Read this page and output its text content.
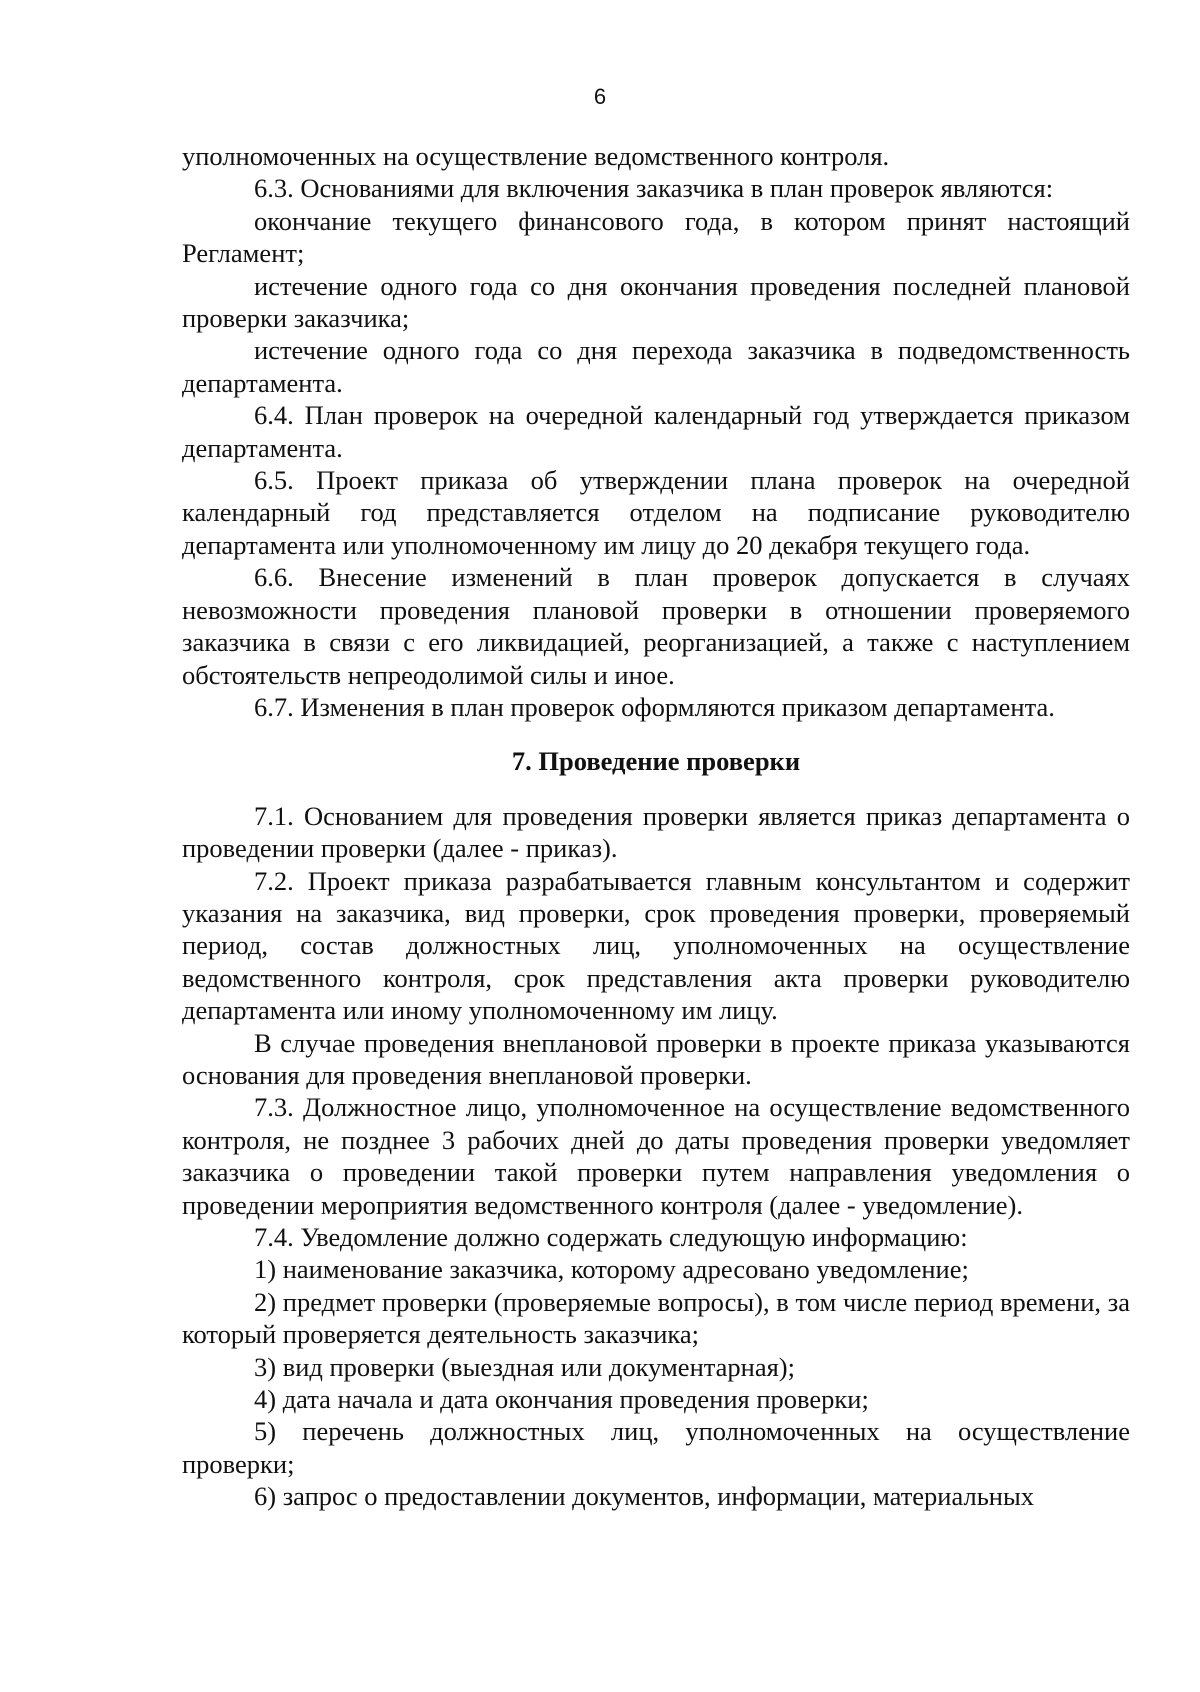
6

уполномоченных на осуществление ведомственного контроля.

6.3. Основаниями для включения заказчика в план проверок являются:

окончание текущего финансового года, в котором принят настоящий Регламент;

истечение одного года со дня окончания проведения последней плановой проверки заказчика;

истечение одного года со дня перехода заказчика в подведомственность департамента.

6.4. План проверок на очередной календарный год утверждается приказом департамента.

6.5. Проект приказа об утверждении плана проверок на очередной календарный год представляется отделом на подписание руководителю департамента или уполномоченному им лицу до 20 декабря текущего года.

6.6. Внесение изменений в план проверок допускается в случаях невозможности проведения плановой проверки в отношении проверяемого заказчика в связи с его ликвидацией, реорганизацией, а также с наступлением обстоятельств непреодолимой силы и иное.

6.7. Изменения в план проверок оформляются приказом департамента.

7. Проведение проверки

7.1. Основанием для проведения проверки является приказ департамента о проведении проверки (далее - приказ).

7.2. Проект приказа разрабатывается главным консультантом и содержит указания на заказчика, вид проверки, срок проведения проверки, проверяемый период, состав должностных лиц, уполномоченных на осуществление ведомственного контроля, срок представления акта проверки руководителю департамента или иному уполномоченному им лицу.

В случае проведения внеплановой проверки в проекте приказа указываются основания для проведения внеплановой проверки.

7.3. Должностное лицо, уполномоченное на осуществление ведомственного контроля, не позднее 3 рабочих дней до даты проведения проверки уведомляет заказчика о проведении такой проверки путем направления уведомления о проведении мероприятия ведомственного контроля (далее - уведомление).

7.4. Уведомление должно содержать следующую информацию:

1) наименование заказчика, которому адресовано уведомление;

2) предмет проверки (проверяемые вопросы), в том числе период времени, за который проверяется деятельность заказчика;

3) вид проверки (выездная или документарная);

4) дата начала и дата окончания проведения проверки;

5) перечень должностных лиц, уполномоченных на осуществление проверки;

6) запрос о предоставлении документов, информации, материальных
